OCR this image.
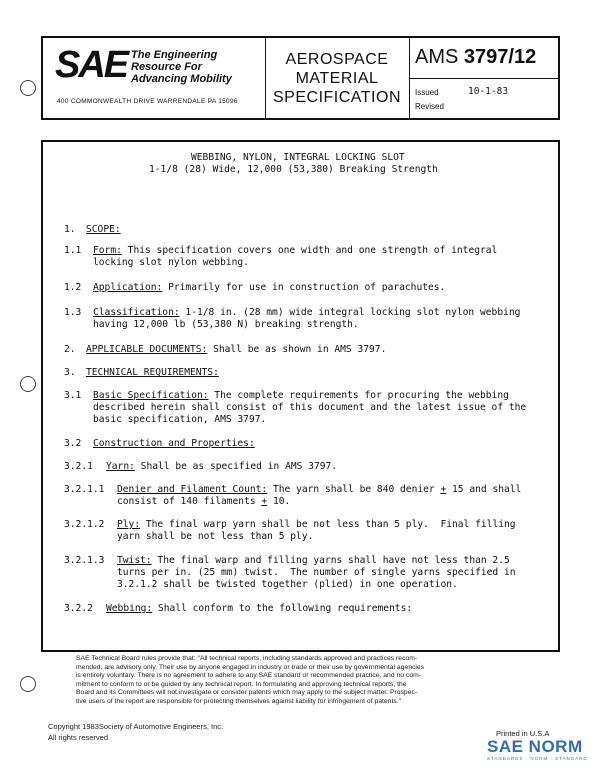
SAE The Engineering
Resource For
Advancing Mobility
400 COMMONWEALTH DRIVE WARRENDALE PA 15096
AEROSPACE
MATERIAL
SPECIFICATION
AMS 3797/12
Issued	10-1-83
Revised
WEBBING, NYLON, INTEGRAL LOCKING SLOT
1-1/8 (28) Wide, 12,000 (53,380) Breaking Strength
1. SCOPE:
1.1 Form: This specification covers one width and one strength of integral
locking slot nylon webbing.
1.2 Application: Primarily for use in construction of parachutes.
1.3 Classification: 1-1/8 in. (28 mm) wide integral locking slot nylon webbing
having 12,000 lb (53,380 N) breaking strength.
2. APPLICABLE DOCUMENTS: Shall be as shown in AMS 3797.
3. TECHNICAL REQUIREMENTS:
3.1 Basic Specification: The complete requirements for procuring the webbing
described herein shall consist of this document and the latest issue of the
basic specification, AMS 3797.
3.2 Construction and Properties:
3.2.1 Yarn: Shall be as specified in AMS 3797.
3.2.1.1 Denier and Filament Count: The yarn shall be 840 denier + 15 and shall
consist of 140 filaments + 10.
3.2.1.2 Ply: The final warp yarn shall be not less than 5 ply.  Final filling
yarn shall be not less than 5 ply.
3.2.1.3 Twist: The final warp and filling yarns shall have not less than 2.5
turns per in. (25 mm) twist.  The number of single yarns specified in
3.2.1.2 shall be twisted together (plied) in one operation.
3.2.2 Webbing: Shall conform to the following requirements:
SAE Technical Board rules provide that: "All technical reports, including standards approved and practices recom-
mended, are advisory only. Their use by anyone engaged in industry or trade or their use by governmental agencies
is entirely voluntary. There is no agreement to adhere to any SAE standard or recommended practice, and no com-
mitment to conform to or be guided by any technical report. In formulating and approving technical reports, the
Board and its Committees will not investigate or consider patents which may apply to the subject matter. Prospec-
tive users of the report are responsible for protecting themselves against liability for infringement of patents."
Copyright 1983Society of Automotive Engineers, Inc.
All rights reserved	Printed in U.S.A
SAE NORM
STANDARDS · NORM · STANDARD
